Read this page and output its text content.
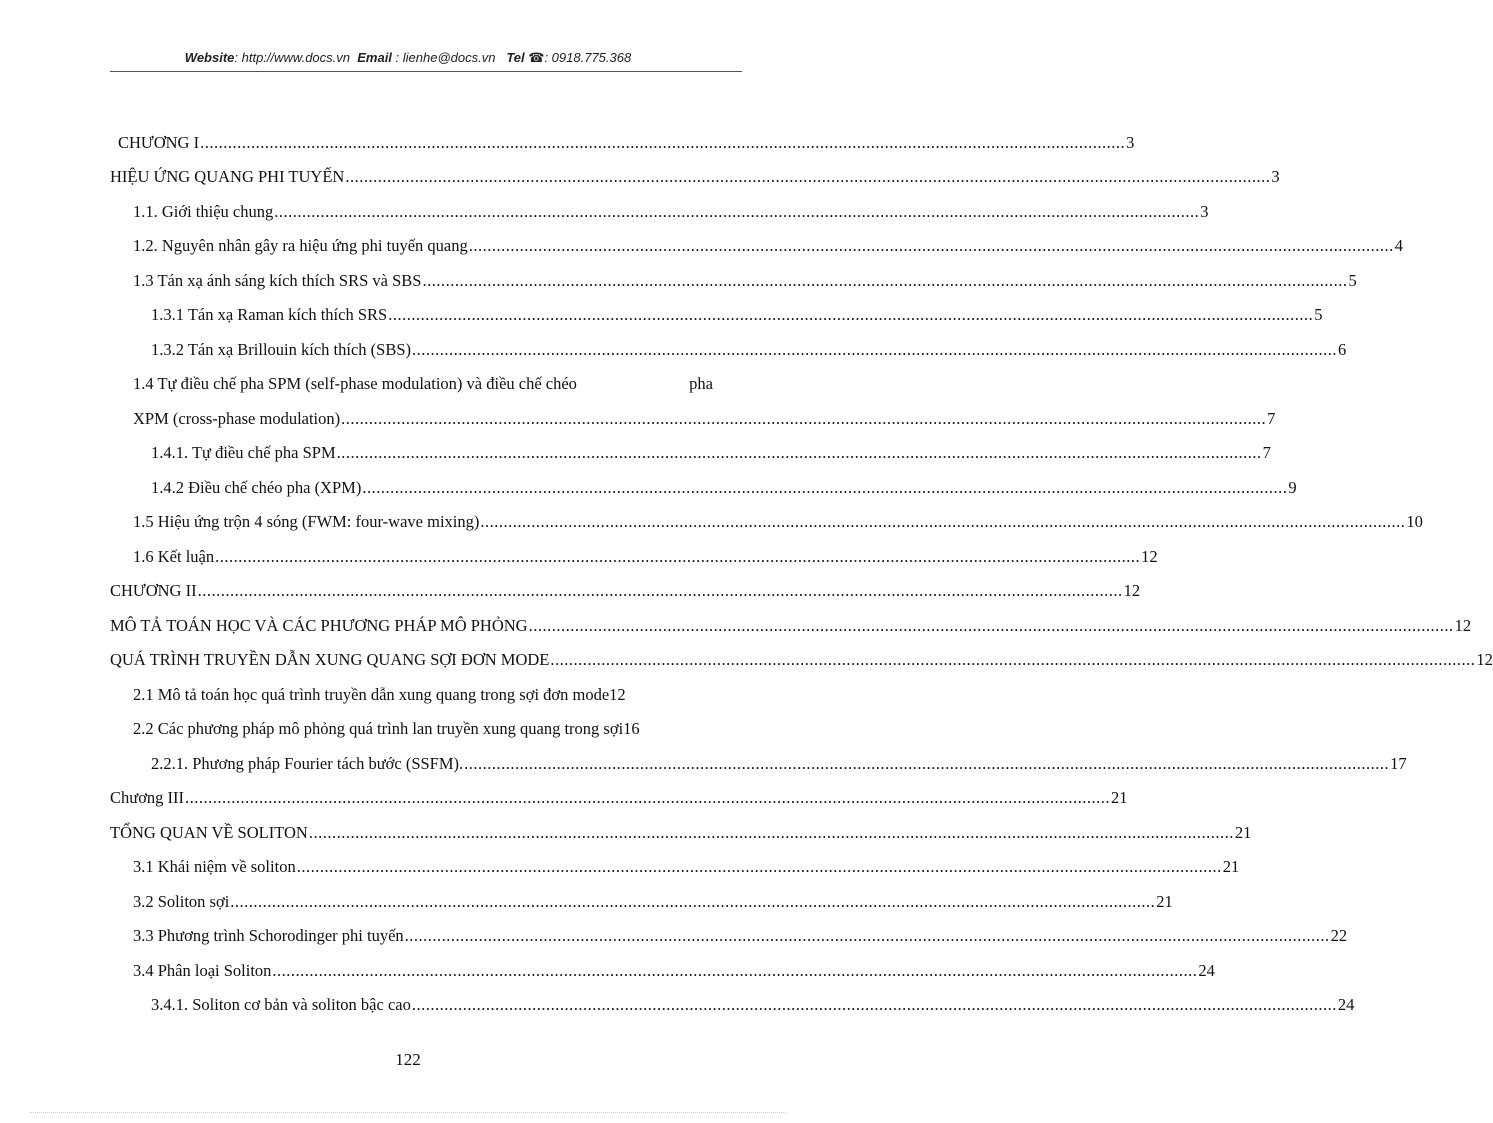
Website: http://www.docs.vn Email : lienhe@docs.vn Tel ☎: 0918.775.368
CHƯƠNG I ........................................................................................................................................................................................................ 3
HIỆU ỨNG QUANG PHI TUYẾN ........................................................................................................................................................................................................ 3
1.1. Giới thiệu chung ........................................................................................................................................................................................................ 3
1.2. Nguyên nhân gây ra hiệu ứng phi tuyến quang ........................................................................................................................................................................................................ 4
1.3 Tán xạ ánh sáng kích thích SRS và SBS ........................................................................................................................................................................................................ 5
1.3.1 Tán xạ Raman kích thích SRS ........................................................................................................................................................................................................ 5
1.3.2 Tán xạ Brillouin kích thích (SBS) ........................................................................................................................................................................................................ 6
1.4 Tự điều chế pha SPM (self-phase modulation) và điều chế chéo	pha
XPM (cross-phase modulation) ........................................................................................................................................................................................................ 7
1.4.1. Tự điều chế pha SPM ........................................................................................................................................................................................................ 7
1.4.2 Điều chế chéo pha (XPM) ........................................................................................................................................................................................................ 9
1.5 Hiệu ứng trộn 4 sóng (FWM: four-wave mixing) ........................................................................................................................................................................................................ 10
1.6 Kết luận ........................................................................................................................................................................................................ 12
CHƯƠNG II ........................................................................................................................................................................................................ 12
MÔ TẢ TOÁN HỌC VÀ CÁC PHƯƠNG PHÁP MÔ PHỎNG ........................................................................................................................................................................................................ 12
QUÁ TRÌNH TRUYỀN DẪN XUNG QUANG SỢI ĐƠN MODE ........................................................................................................................................................................................................ 12
2.1 Mô tả toán học quá trình truyền dẫn xung quang trong sợi đơn mode 12
2.2 Các phương pháp mô phỏng quá trình lan truyền xung quang trong sợi 16
2.2.1. Phương pháp Fourier tách bước (SSFM). ........................................................................................................................................................................................................ 17
Chương III ........................................................................................................................................................................................................ 21
TỔNG QUAN VỀ SOLITON ........................................................................................................................................................................................................ 21
3.1 Khái niệm về soliton ........................................................................................................................................................................................................ 21
3.2 Soliton sợi ........................................................................................................................................................................................................ 21
3.3 Phương trình Schorodinger phi tuyến ........................................................................................................................................................................................................ 22
3.4 Phân loại Soliton ........................................................................................................................................................................................................ 24
3.4.1. Soliton cơ bản và soliton bậc cao ........................................................................................................................................................................................................ 24
122
